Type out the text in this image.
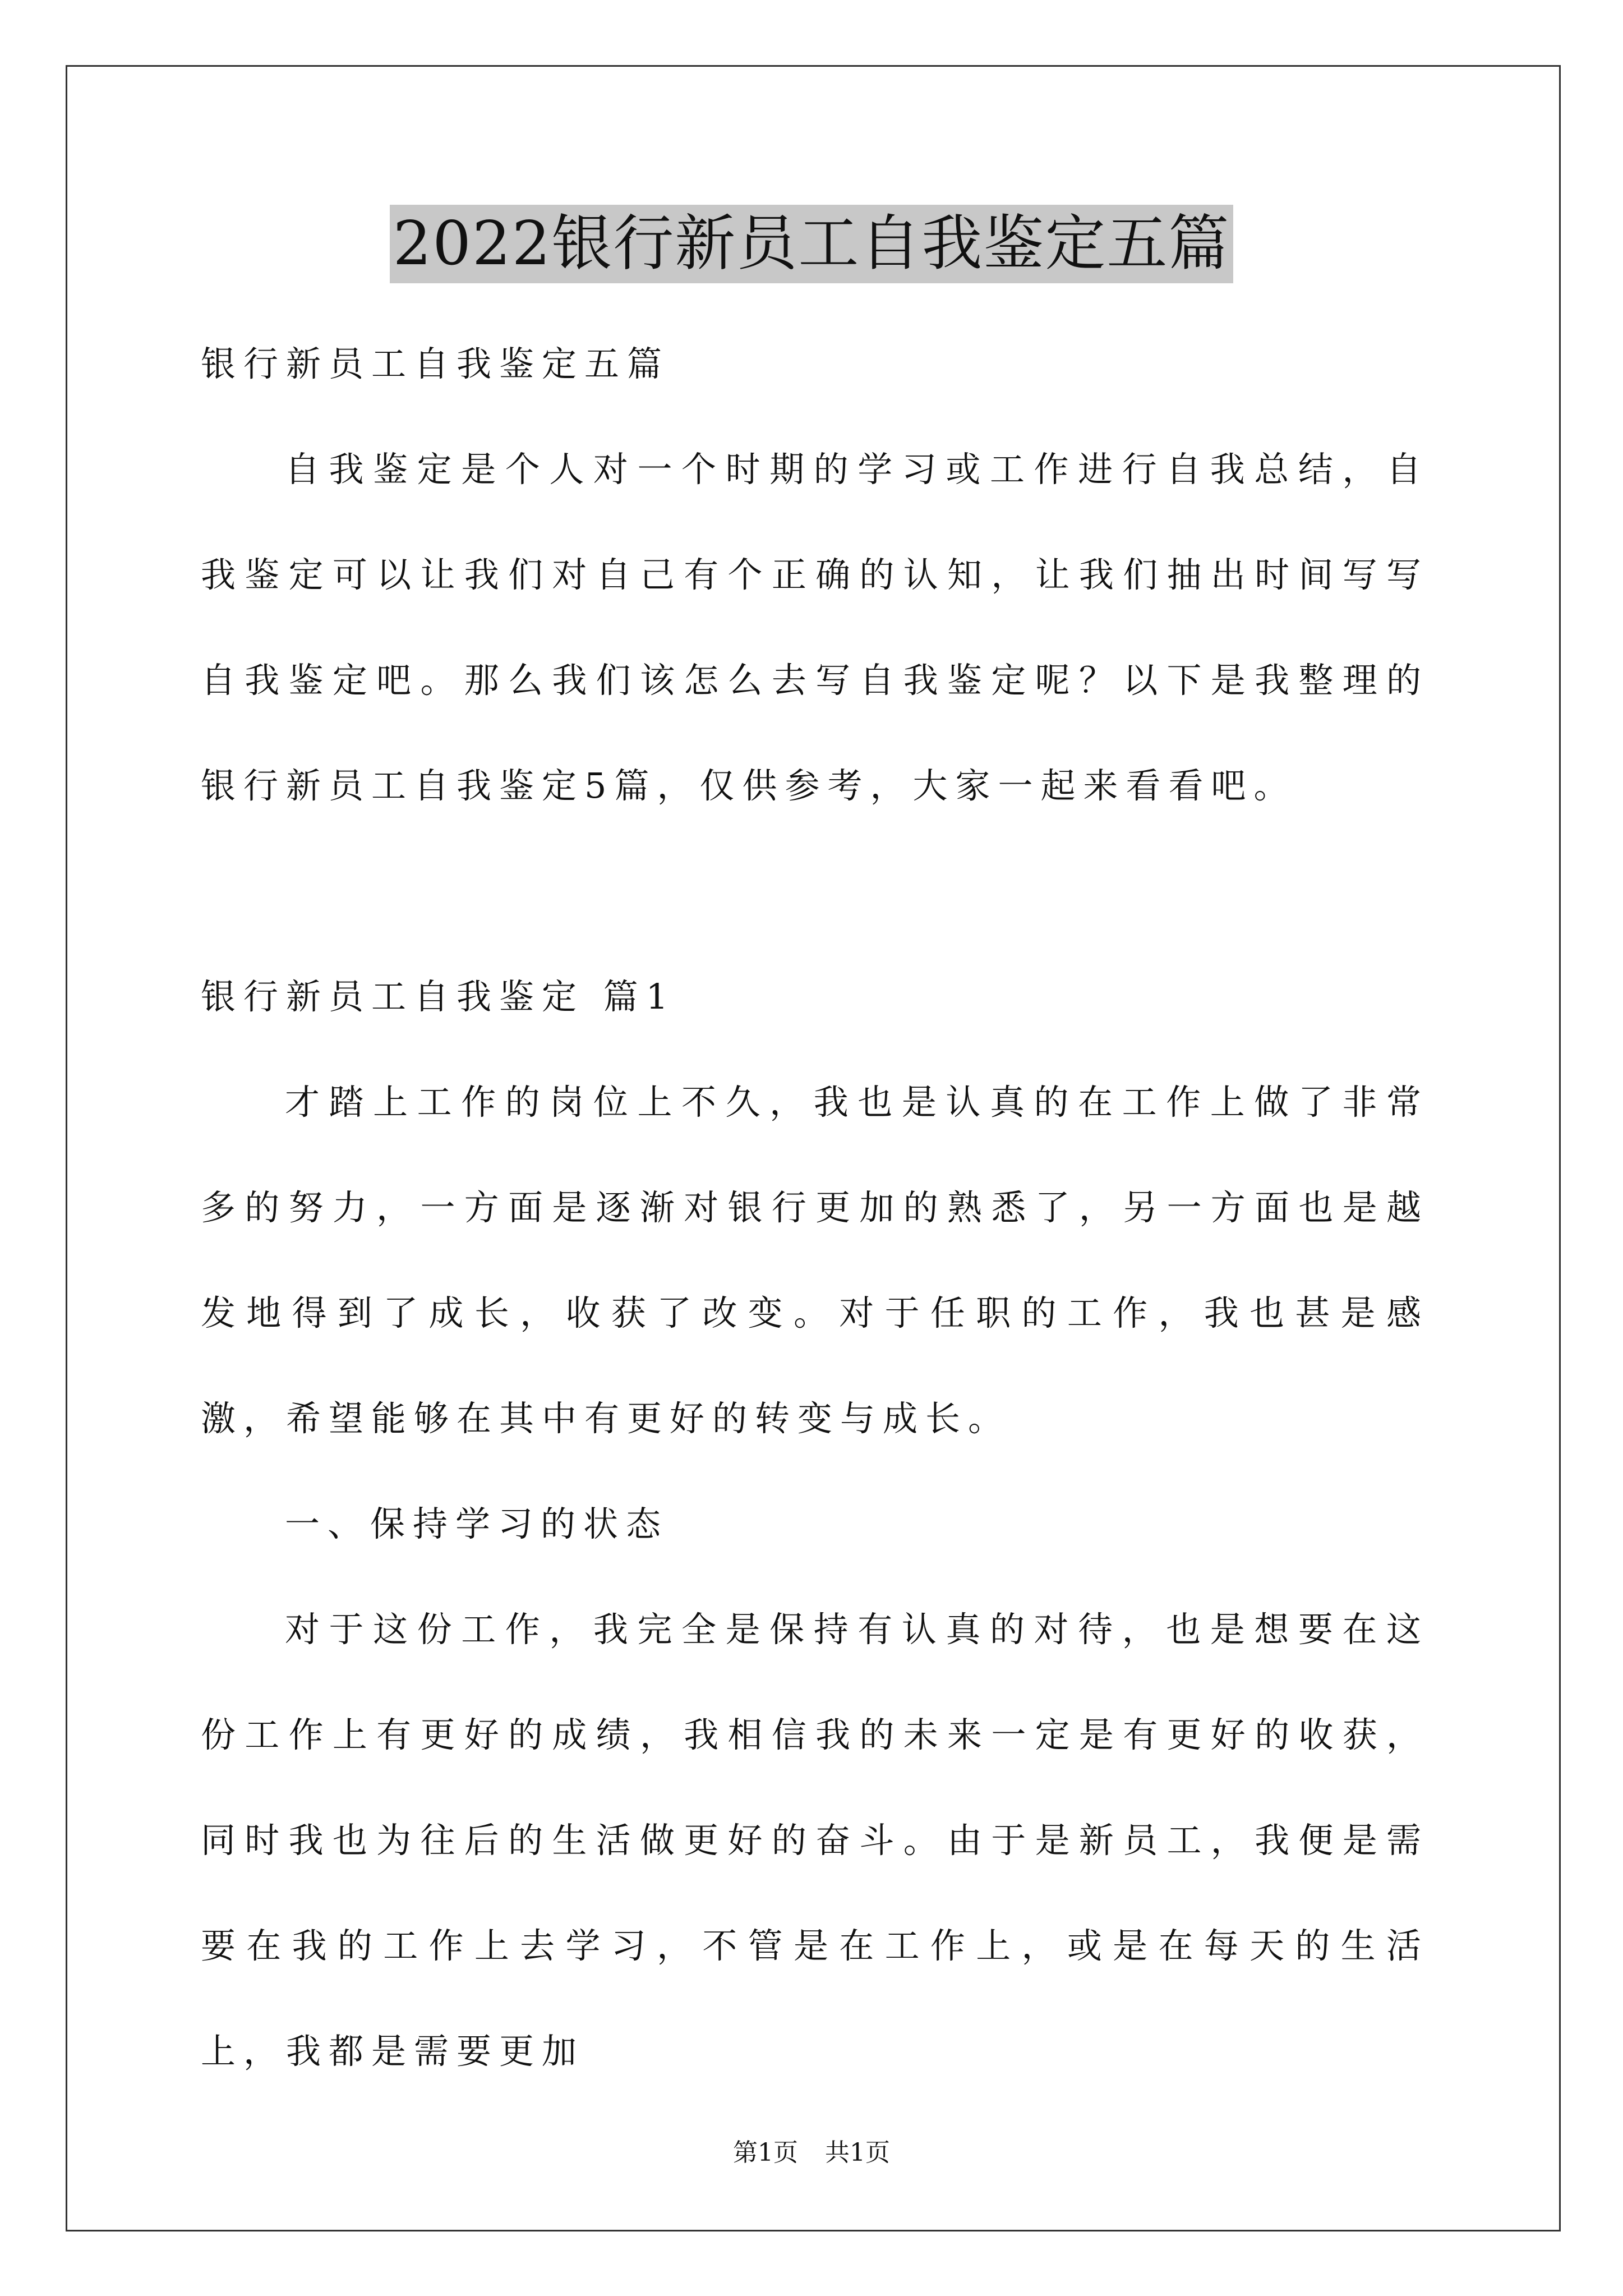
2022银行新员工自我鉴定五篇

银行新员工自我鉴定五篇

自我鉴定是个人对一个时期的学习或工作进行自我总结，自我鉴定可以让我们对自己有个正确的认知，让我们抽出时间写写自我鉴定吧。那么我们该怎么去写自我鉴定呢？以下是我整理的银行新员工自我鉴定5篇，仅供参考，大家一起来看看吧。

银行新员工自我鉴定 篇1

才踏上工作的岗位上不久，我也是认真的在工作上做了非常多的努力，一方面是逐渐对银行更加的熟悉了，另一方面也是越发地得到了成长，收获了改变。对于任职的工作，我也甚是感激，希望能够在其中有更好的转变与成长。

一、保持学习的状态

对于这份工作，我完全是保持有认真的对待，也是想要在这份工作上有更好的成绩，我相信我的未来一定是有更好的收获，同时我也为往后的生活做更好的奋斗。由于是新员工，我便是需要在我的工作上去学习，不管是在工作上，或是在每天的生活上，我都是需要更加

第1页 共1页
